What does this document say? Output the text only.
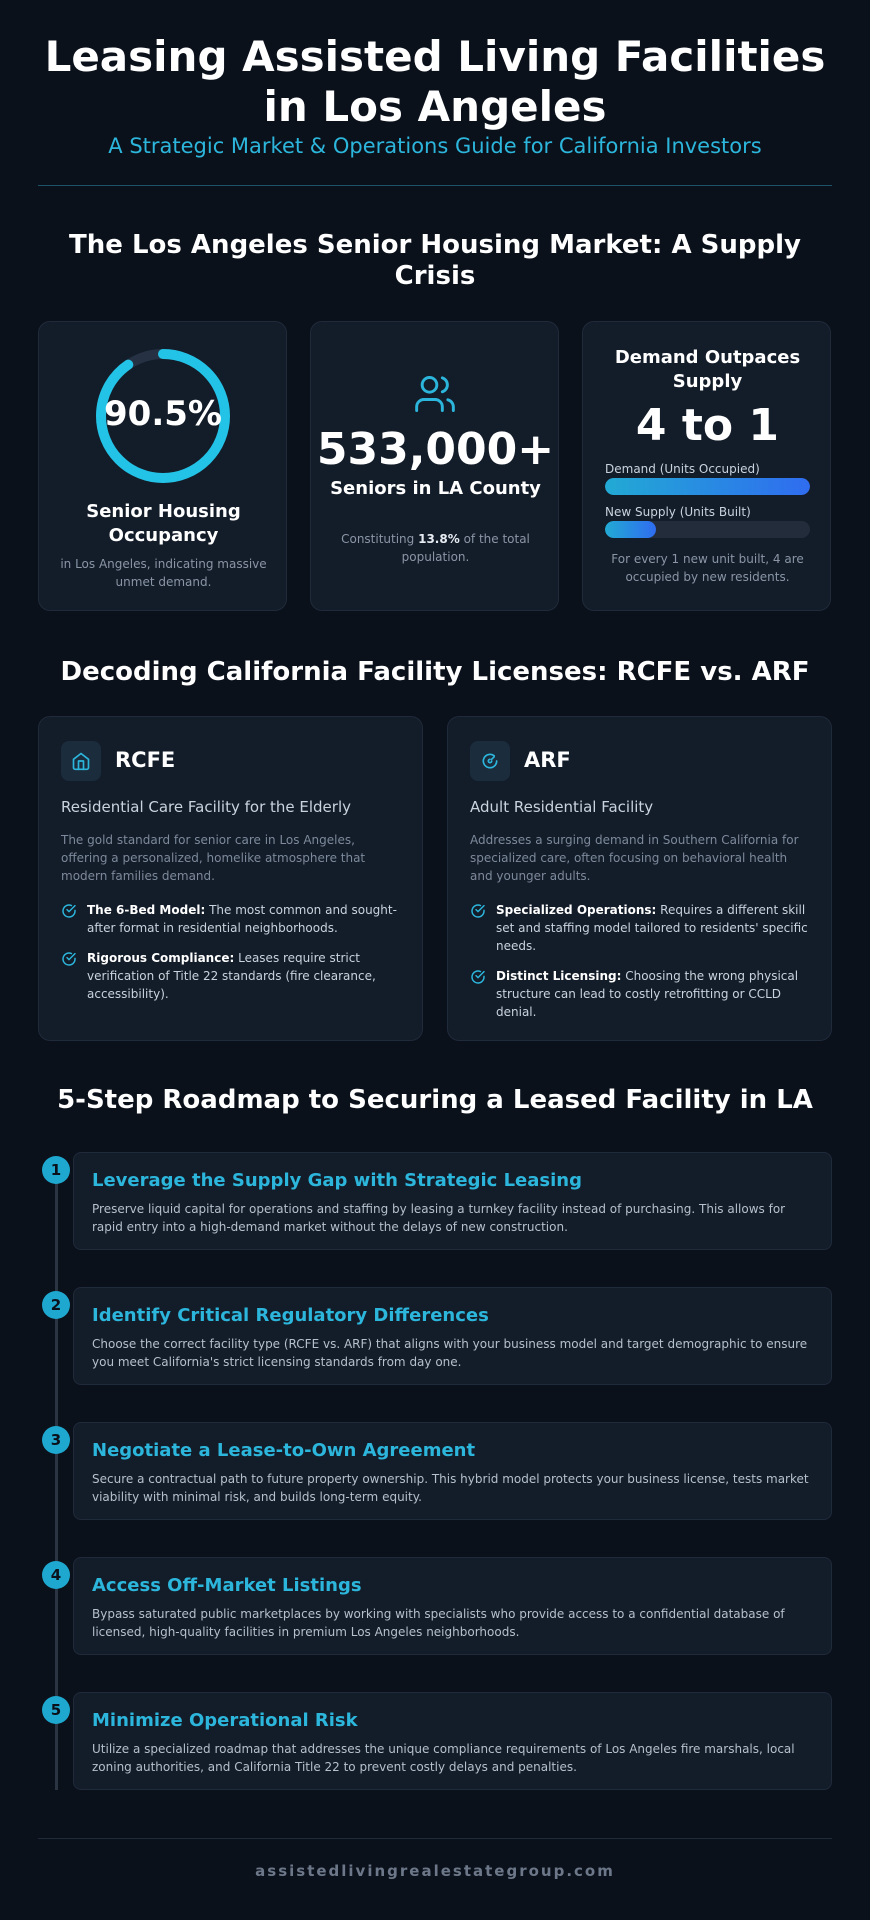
Leasing Assisted Living Facilities in Los Angeles
A Strategic Market & Operations Guide for California Investors
The Los Angeles Senior Housing Market: A Supply Crisis
90.5%
Senior Housing Occupancy
in Los Angeles, indicating massive unmet demand.
533,000+
Seniors in LA County
Constituting 13.8% of the total population.
Demand Outpaces Supply
4 to 1
Demand (Units Occupied)
New Supply (Units Built)
For every 1 new unit built, 4 are occupied by new residents.
Decoding California Facility Licenses: RCFE vs. ARF
RCFE
Residential Care Facility for the Elderly
The gold standard for senior care in Los Angeles, offering a personalized, homelike atmosphere that modern families demand.
The 6-Bed Model: The most common and sought-after format in residential neighborhoods.
Rigorous Compliance: Leases require strict verification of Title 22 standards (fire clearance, accessibility).
ARF
Adult Residential Facility
Addresses a surging demand in Southern California for specialized care, often focusing on behavioral health and younger adults.
Specialized Operations: Requires a different skill set and staffing model tailored to residents' specific needs.
Distinct Licensing: Choosing the wrong physical structure can lead to costly retrofitting or CCLD denial.
5-Step Roadmap to Securing a Leased Facility in LA
1	Leverage the Supply Gap with Strategic Leasing
Preserve liquid capital for operations and staffing by leasing a turnkey facility instead of purchasing. This allows for rapid entry into a high-demand market without the delays of new construction.
2	Identify Critical Regulatory Differences
Choose the correct facility type (RCFE vs. ARF) that aligns with your business model and target demographic to ensure you meet California's strict licensing standards from day one.
3	Negotiate a Lease-to-Own Agreement
Secure a contractual path to future property ownership. This hybrid model protects your business license, tests market viability with minimal risk, and builds long-term equity.
4	Access Off-Market Listings
Bypass saturated public marketplaces by working with specialists who provide access to a confidential database of licensed, high-quality facilities in premium Los Angeles neighborhoods.
5	Minimize Operational Risk
Utilize a specialized roadmap that addresses the unique compliance requirements of Los Angeles fire marshals, local zoning authorities, and California Title 22 to prevent costly delays and penalties.
assistedlivingrealestategroup.com
